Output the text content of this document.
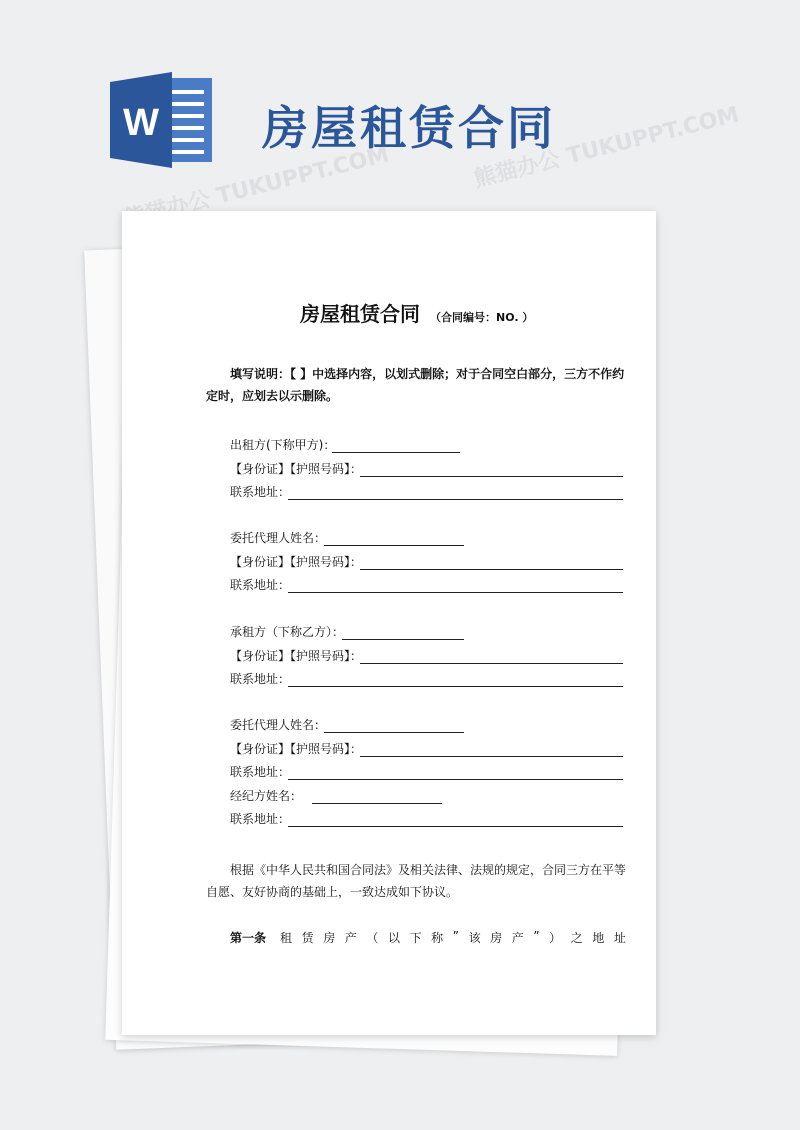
W 房屋租赁合同
熊猫办公 TUKUPPT.COM	熊猫办公 TUKUPPT.COM
房屋租赁合同 （合同编号：NO. ）
填写说明：【 】中选择内容，以划式删除；对于合同空白部分，三方不作约定时，应划去以示删除。
出租方(下称甲方)：
【身份证】【护照号码】：
联系地址：
委托代理人姓名：
【身份证】【护照号码】：
联系地址：
承租方（下称乙方）：
【身份证】【护照号码】：
联系地址：
委托代理人姓名：
【身份证】【护照号码】：
联系地址：
经纪方姓名：
联系地址：
根据《中华人民共和国合同法》及相关法律、法规的规定，合同三方在平等自愿、友好协商的基础上，一致达成如下协议。
第一条 租 赁 房 产 （ 以 下 称 ” 该 房 产 ” ） 之 地 址
